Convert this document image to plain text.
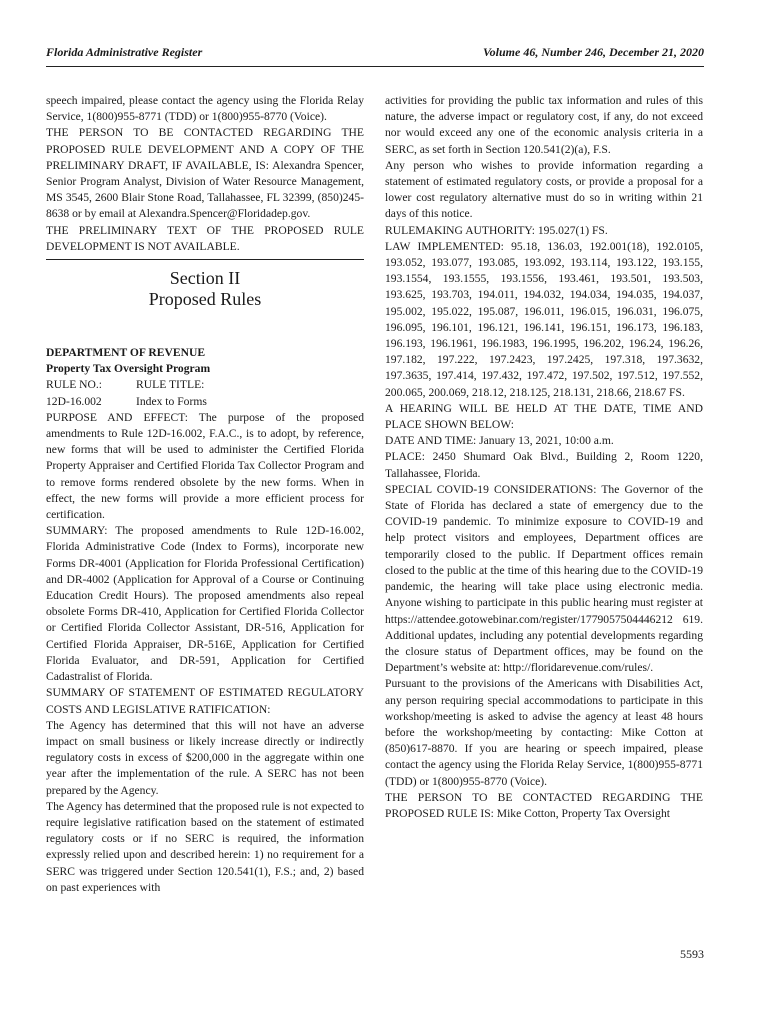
Florida Administrative Register	Volume 46, Number 246, December 21, 2020

speech impaired, please contact the agency using the Florida Relay Service, 1(800)955-8771 (TDD) or 1(800)955-8770 (Voice).

THE PERSON TO BE CONTACTED REGARDING THE PROPOSED RULE DEVELOPMENT AND A COPY OF THE PRELIMINARY DRAFT, IF AVAILABLE, IS: Alexandra Spencer, Senior Program Analyst, Division of Water Resource Management, MS 3545, 2600 Blair Stone Road, Tallahassee, FL 32399, (850)245-8638 or by email at Alexandra.Spencer@Floridadep.gov.

THE PRELIMINARY TEXT OF THE PROPOSED RULE DEVELOPMENT IS NOT AVAILABLE.

Section II

Proposed Rules

DEPARTMENT OF REVENUE

Property Tax Oversight Program

RULE NO.:	RULE TITLE:
12D-16.002	Index to Forms

PURPOSE AND EFFECT: The purpose of the proposed amendments to Rule 12D-16.002, F.A.C., is to adopt, by reference, new forms that will be used to administer the Certified Florida Property Appraiser and Certified Florida Tax Collector Program and to remove forms rendered obsolete by the new forms. When in effect, the new forms will provide a more efficient process for certification.

SUMMARY: The proposed amendments to Rule 12D-16.002, Florida Administrative Code (Index to Forms), incorporate new Forms DR-4001 (Application for Florida Professional Certification) and DR-4002 (Application for Approval of a Course or Continuing Education Credit Hours). The proposed amendments also repeal obsolete Forms DR-410, Application for Certified Florida Collector or Certified Florida Collector Assistant, DR-516, Application for Certified Florida Appraiser, DR-516E, Application for Certified Florida Evaluator, and DR-591, Application for Certified Cadastralist of Florida.

SUMMARY OF STATEMENT OF ESTIMATED REGULATORY COSTS AND LEGISLATIVE RATIFICATION:

The Agency has determined that this will not have an adverse impact on small business or likely increase directly or indirectly regulatory costs in excess of $200,000 in the aggregate within one year after the implementation of the rule. A SERC has not been prepared by the Agency.

The Agency has determined that the proposed rule is not expected to require legislative ratification based on the statement of estimated regulatory costs or if no SERC is required, the information expressly relied upon and described herein: 1) no requirement for a SERC was triggered under Section 120.541(1), F.S.; and, 2) based on past experiences with

activities for providing the public tax information and rules of this nature, the adverse impact or regulatory cost, if any, do not exceed nor would exceed any one of the economic analysis criteria in a SERC, as set forth in Section 120.541(2)(a), F.S.

Any person who wishes to provide information regarding a statement of estimated regulatory costs, or provide a proposal for a lower cost regulatory alternative must do so in writing within 21 days of this notice.

RULEMAKING AUTHORITY: 195.027(1) FS.

LAW IMPLEMENTED: 95.18, 136.03, 192.001(18), 192.0105, 193.052, 193.077, 193.085, 193.092, 193.114, 193.122, 193.155, 193.1554, 193.1555, 193.1556, 193.461, 193.501, 193.503, 193.625, 193.703, 194.011, 194.032, 194.034, 194.035, 194.037, 195.002, 195.022, 195.087, 196.011, 196.015, 196.031, 196.075, 196.095, 196.101, 196.121, 196.141, 196.151, 196.173, 196.183, 196.193, 196.1961, 196.1983, 196.1995, 196.202, 196.24, 196.26, 197.182, 197.222, 197.2423, 197.2425, 197.318, 197.3632, 197.3635, 197.414, 197.432, 197.472, 197.502, 197.512, 197.552, 200.065, 200.069, 218.12, 218.125, 218.131, 218.66, 218.67 FS.

A HEARING WILL BE HELD AT THE DATE, TIME AND PLACE SHOWN BELOW:

DATE AND TIME: January 13, 2021, 10:00 a.m.

PLACE: 2450 Shumard Oak Blvd., Building 2, Room 1220, Tallahassee, Florida.

SPECIAL COVID-19 CONSIDERATIONS: The Governor of the State of Florida has declared a state of emergency due to the COVID-19 pandemic. To minimize exposure to COVID-19 and help protect visitors and employees, Department offices are temporarily closed to the public. If Department offices remain closed to the public at the time of this hearing due to the COVID-19 pandemic, the hearing will take place using electronic media. Anyone wishing to participate in this public hearing must register at https://attendee.gotowebinar.com/register/1779057504446212 619. Additional updates, including any potential developments regarding the closure status of Department offices, may be found on the Department’s website at: http://floridarevenue.com/rules/.

Pursuant to the provisions of the Americans with Disabilities Act, any person requiring special accommodations to participate in this workshop/meeting is asked to advise the agency at least 48 hours before the workshop/meeting by contacting: Mike Cotton at (850)617-8870. If you are hearing or speech impaired, please contact the agency using the Florida Relay Service, 1(800)955-8771 (TDD) or 1(800)955-8770 (Voice).

THE PERSON TO BE CONTACTED REGARDING THE PROPOSED RULE IS: Mike Cotton, Property Tax Oversight

5593
